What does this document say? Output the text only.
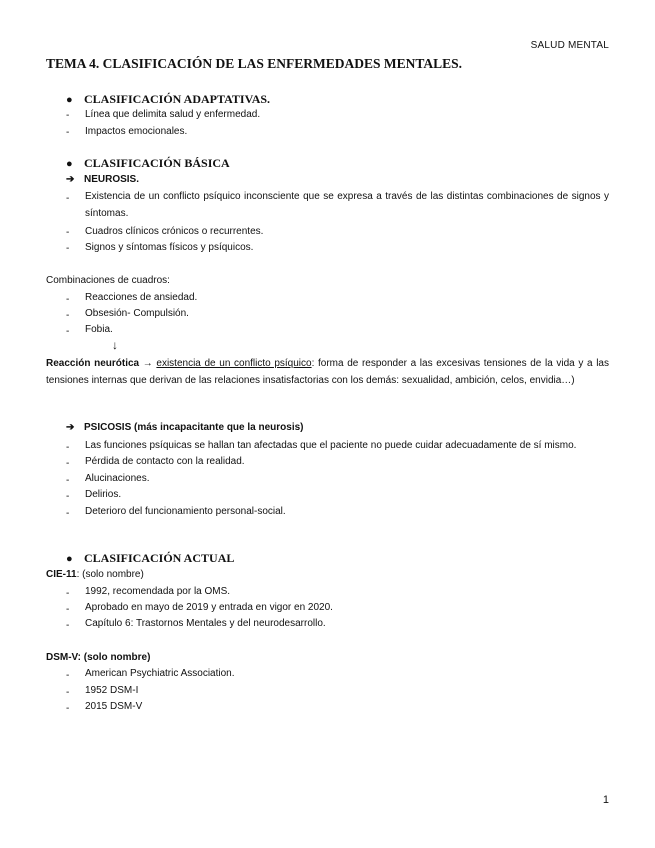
SALUD MENTAL
TEMA 4. CLASIFICACIÓN DE LAS ENFERMEDADES MENTALES.
● CLASIFICACIÓN ADAPTATIVAS.
- Línea que delimita salud y enfermedad.
- Impactos emocionales.
● CLASIFICACIÓN BÁSICA
➔ NEUROSIS.
- Existencia de un conflicto psíquico inconsciente que se expresa a través de las distintas combinaciones de signos y síntomas.
- Cuadros clínicos crónicos o recurrentes.
- Signos y síntomas físicos y psíquicos.
Combinaciones de cuadros:
- Reacciones de ansiedad.
- Obsesión- Compulsión.
- Fobia.
↓
Reacción neurótica → existencia de un conflicto psíquico: forma de responder a las excesivas tensiones de la vida y a las tensiones internas que derivan de las relaciones insatisfactorias con los demás: sexualidad, ambición, celos, envidia…)
➔ PSICOSIS (más incapacitante que la neurosis)
- Las funciones psíquicas se hallan tan afectadas que el paciente no puede cuidar adecuadamente de sí mismo.
- Pérdida de contacto con la realidad.
- Alucinaciones.
- Delirios.
- Deterioro del funcionamiento personal-social.
● CLASIFICACIÓN ACTUAL
CIE-11: (solo nombre)
- 1992, recomendada por la OMS.
- Aprobado en mayo de 2019 y entrada en vigor en 2020.
- Capítulo 6: Trastornos Mentales y del neurodesarrollo.
DSM-V: (solo nombre)
- American Psychiatric Association.
- 1952 DSM-I
- 2015 DSM-V
1
